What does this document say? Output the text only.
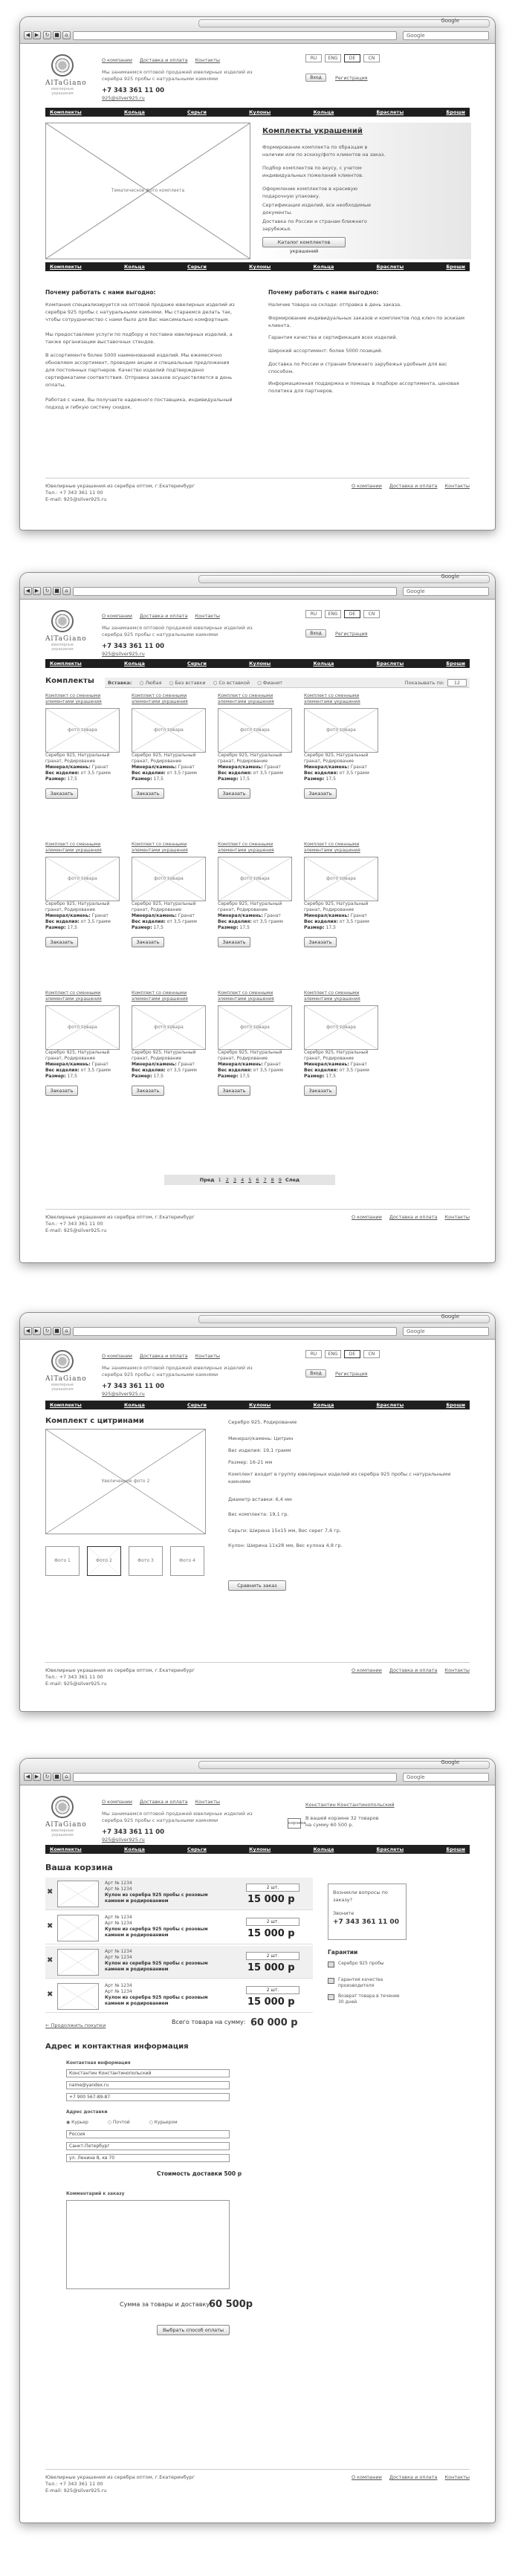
Google
◀ ▶	↻ ■	⌂	Google
AlTaGiano
ювелирные украшения
О компании Доставка и оплата Контакты
Мы занимаемся оптовой продажей ювелирных изделий из серебра 925 пробы с натуральными камнями
+7 343 361 11 00
925@silver925.ru
RU	ENG	DE	CN
Вход	Регистрация
Комплекты	Кольца	Серьги	Кулоны	Кольца	Браслеты	Броши
Тематическое фото комплекта
Комплекты украшений
Формирование комплекта по образцам в наличии или по эскизу/фото клиентов на заказ.
Подбор комплектов по вкусу, с учетом индивидуальных пожеланий клиентов.
Оформление комплектов в красивую подарочную упаковку.
Сертификация изделий, все необходимые документы.
Доставка по России и странам ближнего зарубежья.
Каталог комплектов украшений
Комплекты	Кольца	Серьги	Кулоны	Кольца	Браслеты	Броши
Почему работать с нами выгодно:
Компания специализируется на оптовой продаже ювелирных изделий из серебра 925 пробы с натуральными камнями. Мы стараемся делать так, чтобы сотрудничество с нами было для Вас максимально комфортным.
Мы предоставляем услуги по подбору и поставке ювелирных изделий, а также организации выставочных стендов.
В ассортименте более 5000 наименований изделий. Мы ежемесячно обновляем ассортимент, проводим акции и специальные предложения для постоянных партнеров. Качество изделий подтверждено сертификатами соответствия. Отправка заказов осуществляется в день оплаты.
Работая с нами, Вы получаете надежного поставщика, индивидуальный подход и гибкую систему скидок.
Почему работать с нами выгодно:
Наличие товара на складе: отправка в день заказа.
Формирование индивидуальных заказов и комплектов под ключ по эскизам клиента.
Гарантия качества и сертификация всех изделий.
Широкий ассортимент: более 5000 позиций.
Доставка по России и странам ближнего зарубежья удобным для вас способом.
Информационная поддержка и помощь в подборе ассортимента, ценовая политика для партнеров.
Ювелирные украшения из серебра оптом, г.Екатеринбург
Тел.: +7 343 361 11 00
E-mail: 925@silver925.ru
О компании Доставка и оплата Контакты
Google
◀ ▶	↻ ■	⌂	Google
AlTaGiano
ювелирные украшения
О компании Доставка и оплата Контакты
Мы занимаемся оптовой продажей ювелирных изделий из серебра 925 пробы с натуральными камнями
+7 343 361 11 00
925@silver925.ru
RU	ENG	DE	CN
Вход	Регистрация
Комплекты	Кольца	Серьги	Кулоны	Кольца	Браслеты	Броши
Комплекты	Вставка: ○ Любая ○ Без вставки ○ Со вставкой ○ Фианит	Показывать по:	12
Комплект со сменными элементами украшения
фото товара
Серебро 925, Натуральный гранат, Родирование
Минерал/камень: Гранат
Вес изделия: от 3,5 грамм
Размер: 17,5
Заказать
Комплект со сменными элементами украшения
фото товара
Серебро 925, Натуральный гранат, Родирование
Минерал/камень: Гранат
Вес изделия: от 3,5 грамм
Размер: 17,5
Заказать
Комплект со сменными элементами украшения
фото товара
Серебро 925, Натуральный гранат, Родирование
Минерал/камень: Гранат
Вес изделия: от 3,5 грамм
Размер: 17,5
Заказать
Комплект со сменными элементами украшения
фото товара
Серебро 925, Натуральный гранат, Родирование
Минерал/камень: Гранат
Вес изделия: от 3,5 грамм
Размер: 17,5
Заказать
Комплект со сменными элементами украшения
фото товара
Серебро 925, Натуральный гранат, Родирование
Минерал/камень: Гранат
Вес изделия: от 3,5 грамм
Размер: 17,5
Заказать
Комплект со сменными элементами украшения
фото товара
Серебро 925, Натуральный гранат, Родирование
Минерал/камень: Гранат
Вес изделия: от 3,5 грамм
Размер: 17,5
Заказать
Комплект со сменными элементами украшения
фото товара
Серебро 925, Натуральный гранат, Родирование
Минерал/камень: Гранат
Вес изделия: от 3,5 грамм
Размер: 17,5
Заказать
Комплект со сменными элементами украшения
фото товара
Серебро 925, Натуральный гранат, Родирование
Минерал/камень: Гранат
Вес изделия: от 3,5 грамм
Размер: 17,5
Заказать
Комплект со сменными элементами украшения
фото товара
Серебро 925, Натуральный гранат, Родирование
Минерал/камень: Гранат
Вес изделия: от 3,5 грамм
Размер: 17,5
Заказать
Комплект со сменными элементами украшения
фото товара
Серебро 925, Натуральный гранат, Родирование
Минерал/камень: Гранат
Вес изделия: от 3,5 грамм
Размер: 17,5
Заказать
Комплект со сменными элементами украшения
фото товара
Серебро 925, Натуральный гранат, Родирование
Минерал/камень: Гранат
Вес изделия: от 3,5 грамм
Размер: 17,5
Заказать
Комплект со сменными элементами украшения
фото товара
Серебро 925, Натуральный гранат, Родирование
Минерал/камень: Гранат
Вес изделия: от 3,5 грамм
Размер: 17,5
Заказать
Пред 1 2 3 4 5 6 7 8 9 След
Ювелирные украшения из серебра оптом, г.Екатеринбург
Тел.: +7 343 361 11 00
E-mail: 925@silver925.ru
О компании Доставка и оплата Контакты
Google
◀ ▶	↻ ■	⌂	Google
AlTaGiano
ювелирные украшения
О компании Доставка и оплата Контакты
Мы занимаемся оптовой продажей ювелирных изделий из серебра 925 пробы с натуральными камнями
+7 343 361 11 00
925@silver925.ru
RU	ENG	DE	CN
Вход	Регистрация
Комплекты	Кольца	Серьги	Кулоны	Кольца	Браслеты	Броши
Комплект с цитринами
Увеличенное фото 2
Фото 1	Фото 2	Фото 3	Фото 4
Серебро 925, Родирование
Минерал/камень: Цитрин
Вес изделия: 19,1 грамм
Размер: 16-21 мм
Комплект входит в группу ювелирных изделий из серебра 925 пробы с натуральными камнями
Диаметр вставки: 6,4 мм
Вес комплекта: 19,1 гр.
Серьги: Ширина 15х15 мм, Вес серег 7,6 гр.
Кулон: Ширина 11х28 мм, Вес кулона 4,8 гр.
Сравнить заказ
Ювелирные украшения из серебра оптом, г.Екатеринбург
Тел.: +7 343 361 11 00
E-mail: 925@silver925.ru
О компании Доставка и оплата Контакты
Google
◀ ▶	↻ ■	⌂	Google
AlTaGiano
ювелирные украшения
О компании Доставка и оплата Контакты
Мы занимаемся оптовой продажей ювелирных изделий из серебра 925 пробы с натуральными камнями
+7 343 361 11 00
925@silver925.ru
Константин Константинопольский
корзина
В вашей корзине 32 товаров
на сумму 60 500 р.
Комплекты	Кольца	Серьги	Кулоны	Кольца	Браслеты	Броши
Ваша корзина
✖
Арт № 1234
Арт № 1234
Кулон из серебра 925 пробы с розовым камнем и родированием
2 шт.
15 000 р
✖
Арт № 1234
Арт № 1234
Кулон из серебра 925 пробы с розовым камнем и родированием
2 шт.
15 000 р
✖
Арт № 1234
Арт № 1234
Кулон из серебра 925 пробы с розовым камнем и родированием
2 шт.
15 000 р
✖
Арт № 1234
Арт № 1234
Кулон из серебра 925 пробы с розовым камнем и родированием
2 шт.
15 000 р
Возникли вопросы по заказу?
Звоните
+7 343 361 11 00
Гарантии
Серебро 925 пробы
Гарантия качества производителя
Возврат товара в течение 30 дней
← Продолжить покупки	Всего товара на сумму: 60 000 р
Адрес и контактная информация
Контактная информация
Константин Константинопольский
name@yandex.ru
+7 900 567-89-87
Адрес доставки
◉ Курьер	○ Почтой	○ Курьером
Россия
Санкт-Петербург
ул. Ленина 8, кв 70
Стоимость доставки 500 р
Комментарий к заказу
Сумма за товары и доставку:
60 500р
Выбрать способ оплаты
Ювелирные украшения из серебра оптом, г.Екатеринбург
Тел.: +7 343 361 11 00
E-mail: 925@silver925.ru
О компании Доставка и оплата Контакты
